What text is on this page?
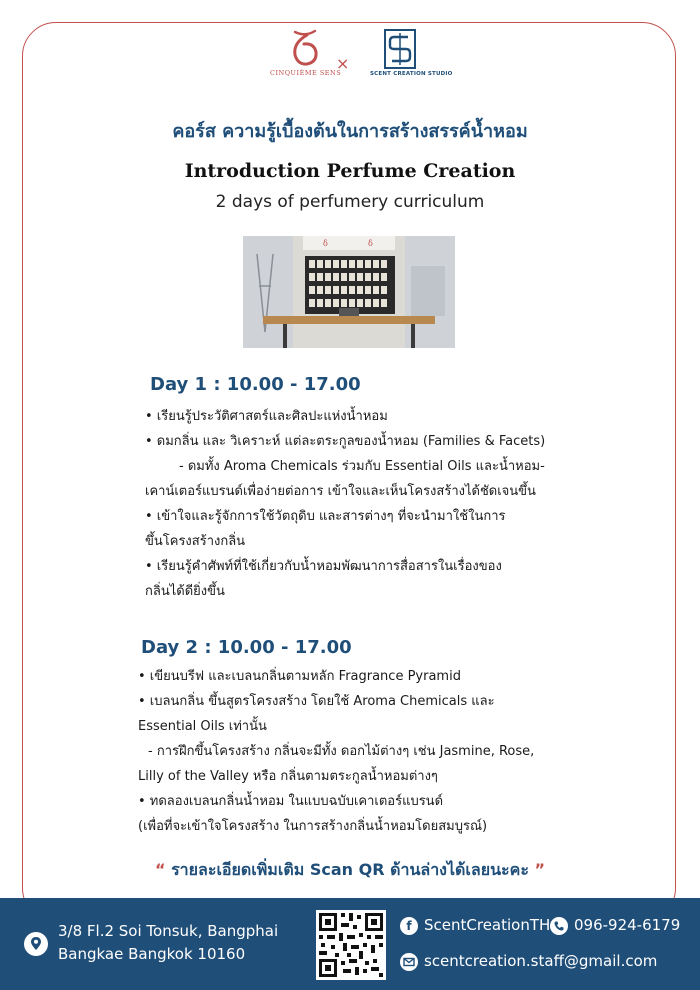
CINQUIÈME SENS
×
SCENT CREATION STUDIO
คอร์ส ความรู้เบื้องต้นในการสร้างสรรค์น้ำหอม
Introduction Perfume Creation
2 days of perfumery curriculum
δ	δ
Day 1 : 10.00 - 17.00
• เรียนรู้ประวัติศาสตร์และศิลปะแห่งน้ำหอม
• ดมกลิ่น และ วิเคราะห์ แต่ละตระกูลของน้ำหอม (Families & Facets)
- ดมทั้ง Aroma Chemicals ร่วมกับ Essential Oils และน้ำหอม-
เคาน์เตอร์แบรนด์เพื่อง่ายต่อการ เข้าใจและเห็นโครงสร้างได้ชัดเจนขึ้น
• เข้าใจและรู้จักการใช้วัตถุดิบ และสารต่างๆ ที่จะนำมาใช้ในการ
ขึ้นโครงสร้างกลิ่น
• เรียนรู้คำศัพท์ที่ใช้เกี่ยวกับน้ำหอมพัฒนาการสื่อสารในเรื่องของ
กลิ่นได้ดียิ่งขึ้น
Day 2 : 10.00 - 17.00
• เขียนบรีฟ และเบลนกลิ่นตามหลัก Fragrance Pyramid
• เบลนกลิ่น ขึ้นสูตรโครงสร้าง โดยใช้ Aroma Chemicals และ
Essential Oils เท่านั้น
- การฝึกขึ้นโครงสร้าง กลิ่นจะมีทั้ง ดอกไม้ต่างๆ เช่น Jasmine, Rose,
Lilly of the Valley หรือ กลิ่นตามตระกูลน้ำหอมต่างๆ
• ทดลองเบลนกลิ่นน้ำหอม ในแบบฉบับเคาเตอร์แบรนด์
(เพื่อที่จะเข้าใจโครงสร้าง ในการสร้างกลิ่นน้ำหอมโดยสมบูรณ์)
“ รายละเอียดเพิ่มเติม Scan QR ด้านล่างได้เลยนะคะ ”
3/8 Fl.2 Soi Tonsuk, Bangphai
Bangkae Bangkok 10160
f ScentCreationTH	096-924-6179
scentcreation.staff@gmail.com
